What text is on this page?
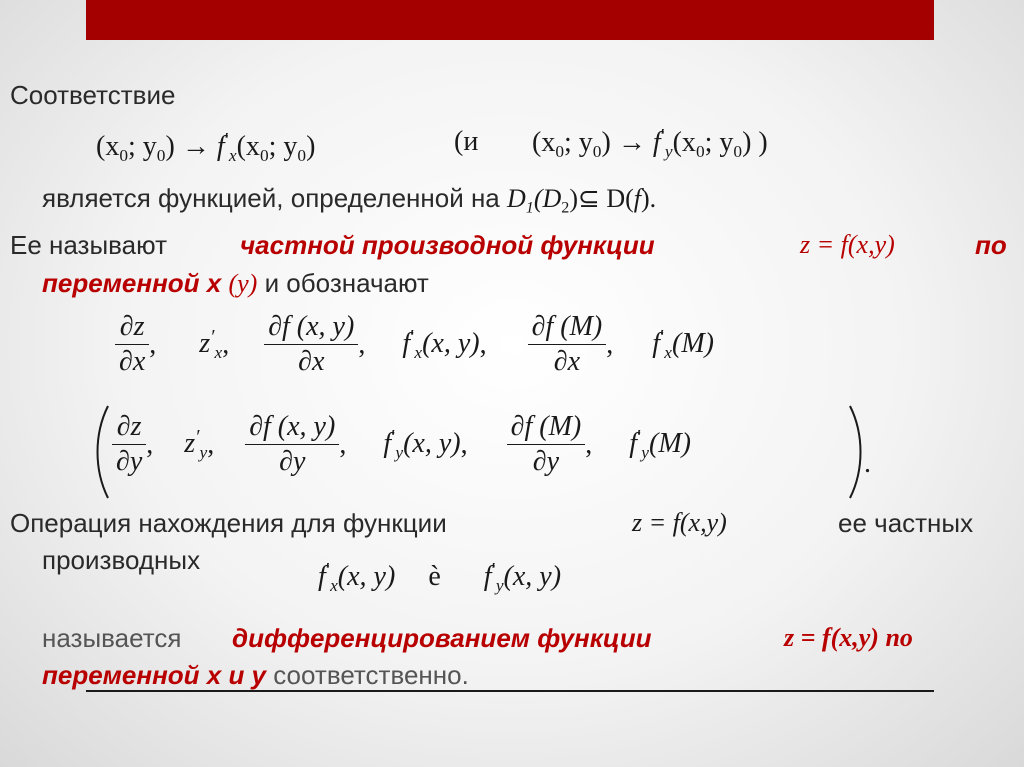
Соответствие
($x_0$; $y_0) \to f'_x(x_0$; $y_0$)	(и ($x_0$; $y_0) \to f'_y(x_0$; $y_0$) )
является функцией, определенной на $D_1(D_2)⊆$ D(f).
Ее называют	частной производной функции	z = f(x,y)	по
переменной x (y) и обозначают
$\frac{\partial z}{\partial x}$ , $z'_x$, $\frac{\partial f (x, y)}{\partial x}$ , $f'_x(x$, y), $\frac{\partial f (M)}{\partial x}$ , $f'_x(M)$
$\frac{\partial z}{\partial y}$ , $z'_y$, $\frac{\partial f (x, y)}{\partial y}$ , $f'_y(x$, y), $\frac{\partial f (M)}{\partial y}$ , $f'_y(M)$
.
Операция нахождения для функции	z = f(x,y)	ее частных
производных
$f'_x(x$, y) è $f'_y(x$, y)
называется дифференцированием функции	z = f(x,y) по
переменной x и y соответственно.
